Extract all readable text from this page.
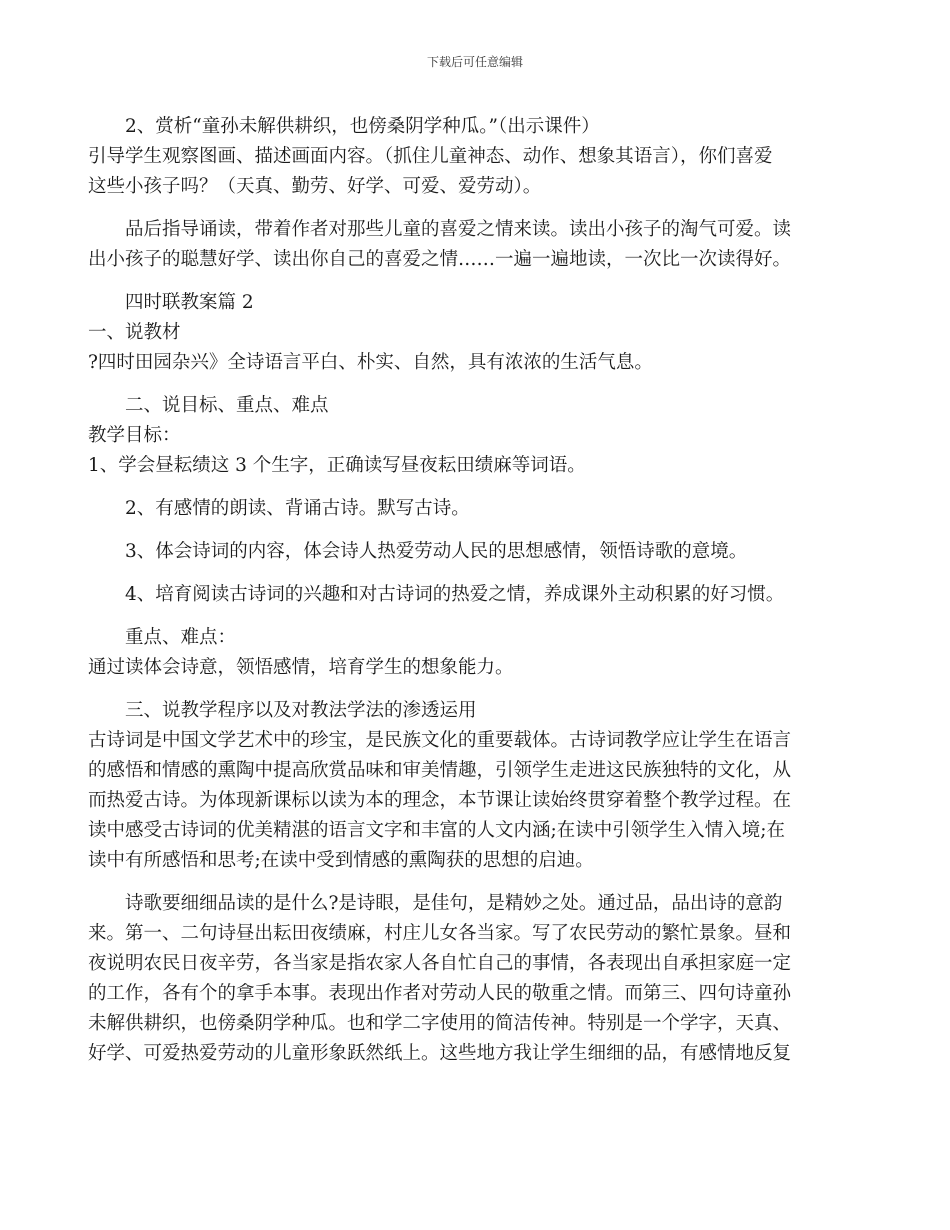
下载后可任意编辑

2、赏析“童孙未解供耕织，也傍桑阴学种瓜。”（出示课件）

引导学生观察图画、描述画面内容。（抓住儿童神态、动作、想象其语言），你们喜爱

这些小孩子吗？（天真、勤劳、好学、可爱、爱劳动）。

品后指导诵读，带着作者对那些儿童的喜爱之情来读。读出小孩子的淘气可爱。读

出小孩子的聪慧好学、读出你自己的喜爱之情……一遍一遍地读，一次比一次读得好。

四时联教案篇 2

一、说教材

?四时田园杂兴》全诗语言平白、朴实、自然，具有浓浓的生活气息。

二、说目标、重点、难点

教学目标：

1、学会昼耘绩这 3 个生字，正确读写昼夜耘田绩麻等词语。

2、有感情的朗读、背诵古诗。默写古诗。

3、体会诗词的内容，体会诗人热爱劳动人民的思想感情，领悟诗歌的意境。

4、培育阅读古诗词的兴趣和对古诗词的热爱之情，养成课外主动积累的好习惯。

重点、难点：

通过读体会诗意，领悟感情，培育学生的想象能力。

三、说教学程序以及对教法学法的渗透运用

古诗词是中国文学艺术中的珍宝，是民族文化的重要载体。古诗词教学应让学生在语言

的感悟和情感的熏陶中提高欣赏品味和审美情趣，引领学生走进这民族独特的文化，从

而热爱古诗。为体现新课标以读为本的理念，本节课让读始终贯穿着整个教学过程。在

读中感受古诗词的优美精湛的语言文字和丰富的人文内涵;在读中引领学生入情入境;在

读中有所感悟和思考;在读中受到情感的熏陶获的思想的启迪。

诗歌要细细品读的是什么?是诗眼，是佳句，是精妙之处。通过品，品出诗的意韵

来。第一、二句诗昼出耘田夜绩麻，村庄儿女各当家。写了农民劳动的繁忙景象。昼和

夜说明农民日夜辛劳，各当家是指农家人各自忙自己的事情，各表现出自承担家庭一定

的工作，各有个的拿手本事。表现出作者对劳动人民的敬重之情。而第三、四句诗童孙

未解供耕织，也傍桑阴学种瓜。也和学二字使用的简洁传神。特别是一个学字，天真、

好学、可爱热爱劳动的儿童形象跃然纸上。这些地方我让学生细细的品，有感情地反复
